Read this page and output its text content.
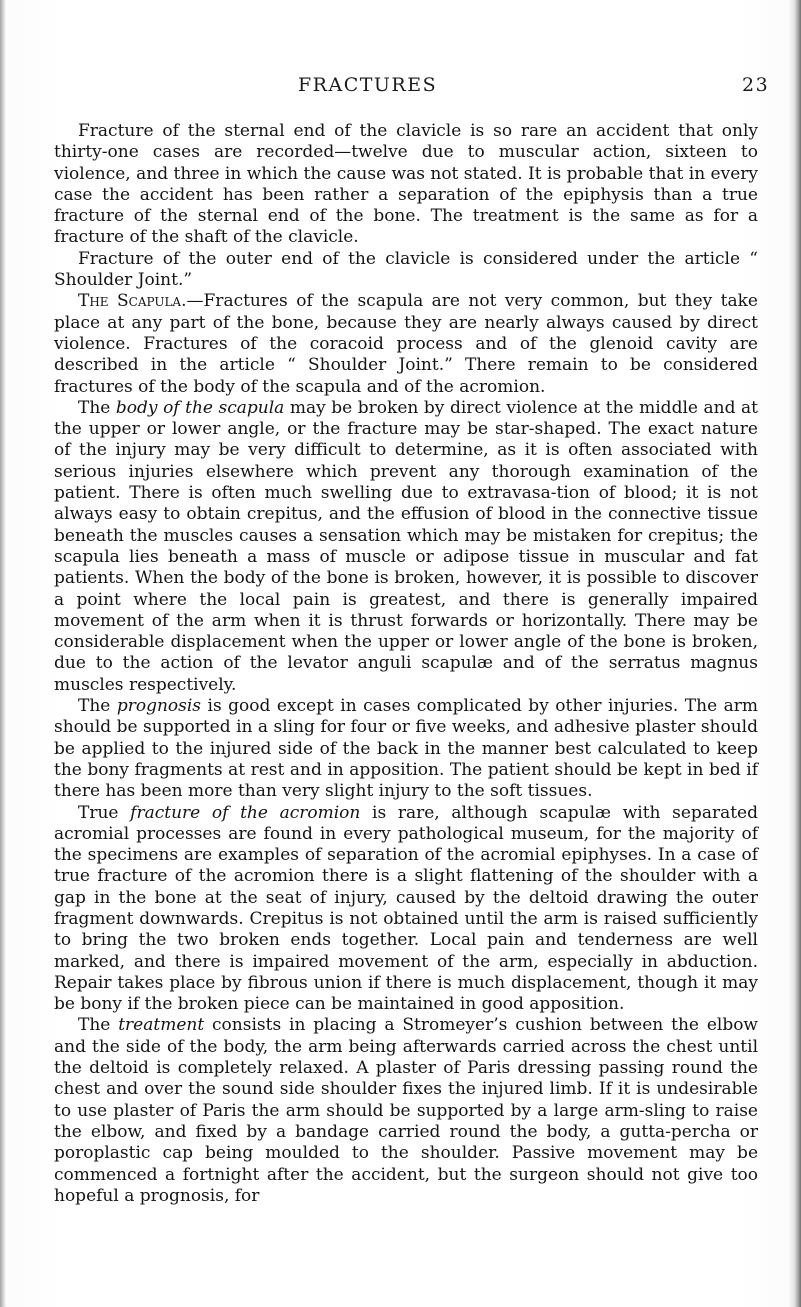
FRACTURES	23

Fracture of the sternal end of the clavicle is so rare an accident that only thirty-one cases are recorded—twelve due to muscular action, sixteen to violence, and three in which the cause was not stated. It is probable that in every case the accident has been rather a separation of the epiphysis than a true fracture of the sternal end of the bone. The treatment is the same as for a fracture of the shaft of the clavicle.

Fracture of the outer end of the clavicle is considered under the article “ Shoulder Joint.”

The Scapula.—Fractures of the scapula are not very common, but they take place at any part of the bone, because they are nearly always caused by direct violence. Fractures of the coracoid process and of the glenoid cavity are described in the article “ Shoulder Joint.” There remain to be considered fractures of the body of the scapula and of the acromion.

The body of the scapula may be broken by direct violence at the middle and at the upper or lower angle, or the fracture may be star-shaped. The exact nature of the injury may be very difficult to determine, as it is often associated with serious injuries elsewhere which prevent any thorough examination of the patient. There is often much swelling due to extravasa-tion of blood; it is not always easy to obtain crepitus, and the effusion of blood in the connective tissue beneath the muscles causes a sensation which may be mistaken for crepitus; the scapula lies beneath a mass of muscle or adipose tissue in muscular and fat patients. When the body of the bone is broken, however, it is possible to discover a point where the local pain is greatest, and there is generally impaired movement of the arm when it is thrust forwards or horizontally. There may be considerable displacement when the upper or lower angle of the bone is broken, due to the action of the levator anguli scapulæ and of the serratus magnus muscles respectively.

The prognosis is good except in cases complicated by other injuries. The arm should be supported in a sling for four or five weeks, and adhesive plaster should be applied to the injured side of the back in the manner best calculated to keep the bony fragments at rest and in apposition. The patient should be kept in bed if there has been more than very slight injury to the soft tissues.

True fracture of the acromion is rare, although scapulæ with separated acromial processes are found in every pathological museum, for the majority of the specimens are examples of separation of the acromial epiphyses. In a case of true fracture of the acromion there is a slight flattening of the shoulder with a gap in the bone at the seat of injury, caused by the deltoid drawing the outer fragment downwards. Crepitus is not obtained until the arm is raised sufficiently to bring the two broken ends together. Local pain and tenderness are well marked, and there is impaired movement of the arm, especially in abduction. Repair takes place by fibrous union if there is much displacement, though it may be bony if the broken piece can be maintained in good apposition.

The treatment consists in placing a Stromeyer’s cushion between the elbow and the side of the body, the arm being afterwards carried across the chest until the deltoid is completely relaxed. A plaster of Paris dressing passing round the chest and over the sound side shoulder fixes the injured limb. If it is undesirable to use plaster of Paris the arm should be supported by a large arm-sling to raise the elbow, and fixed by a bandage carried round the body, a gutta-percha or poroplastic cap being moulded to the shoulder. Passive movement may be commenced a fortnight after the accident, but the surgeon should not give too hopeful a prognosis, for
